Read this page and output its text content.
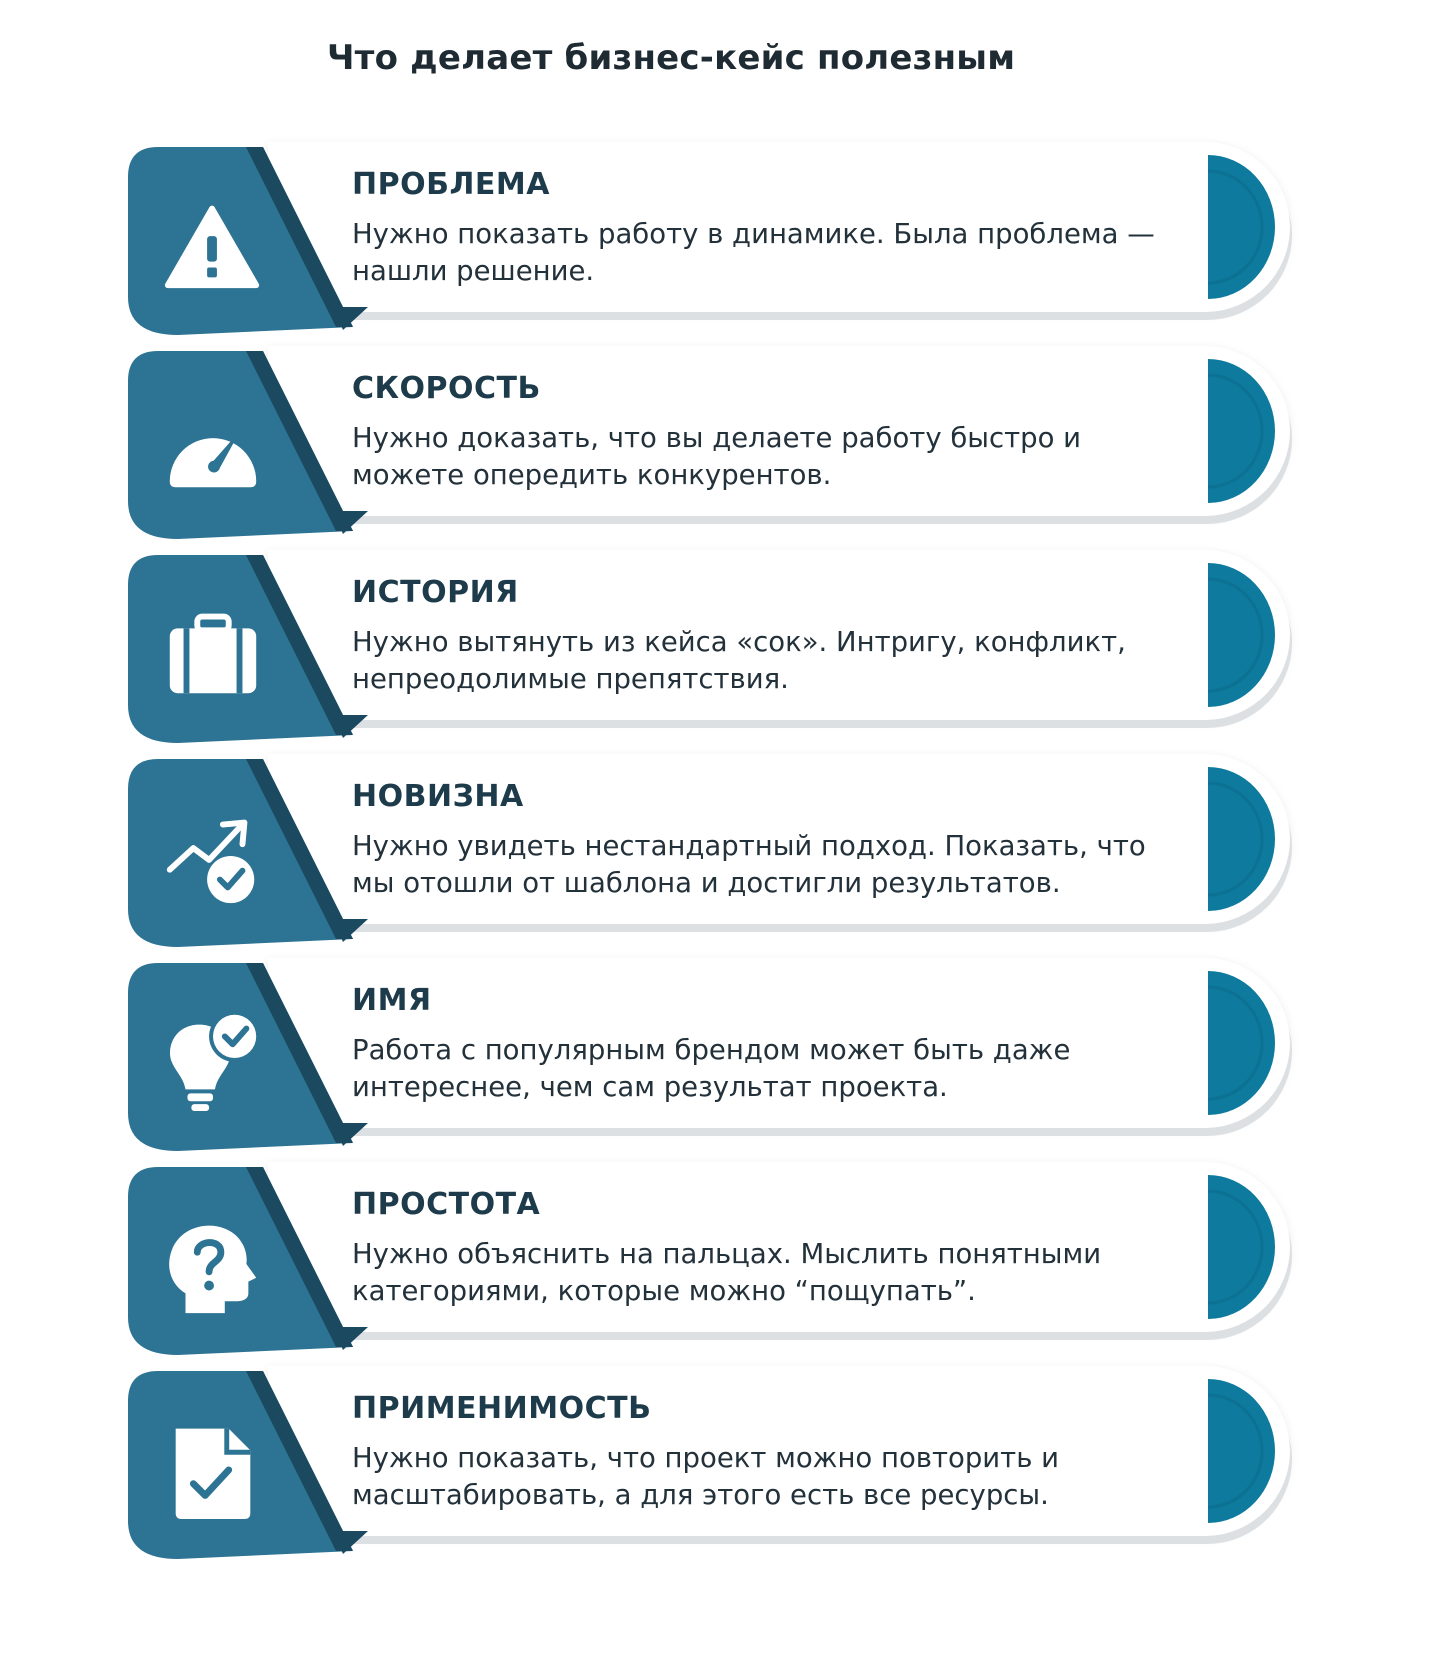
Что делает бизнес-кейс полезным
ПРОБЛЕМА
Нужно показать работу в динамике. Была проблема — нашли решение.
СКОРОСТЬ
Нужно доказать, что вы делаете работу быстро и можете опередить конкурентов.
ИСТОРИЯ
Нужно вытянуть из кейса «сок». Интригу, конфликт, непреодолимые препятствия.
НОВИЗНА
Нужно увидеть нестандартный подход. Показать, что мы отошли от шаблона и достигли результатов.
ИМЯ
Работа с популярным брендом может быть даже интереснее, чем сам результат проекта.
ПРОСТОТА
Нужно объяснить на пальцах. Мыслить понятными категориями, которые можно “пощупать”.
ПРИМЕНИМОСТЬ
Нужно показать, что проект можно повторить и масштабировать, а для этого есть все ресурсы.
